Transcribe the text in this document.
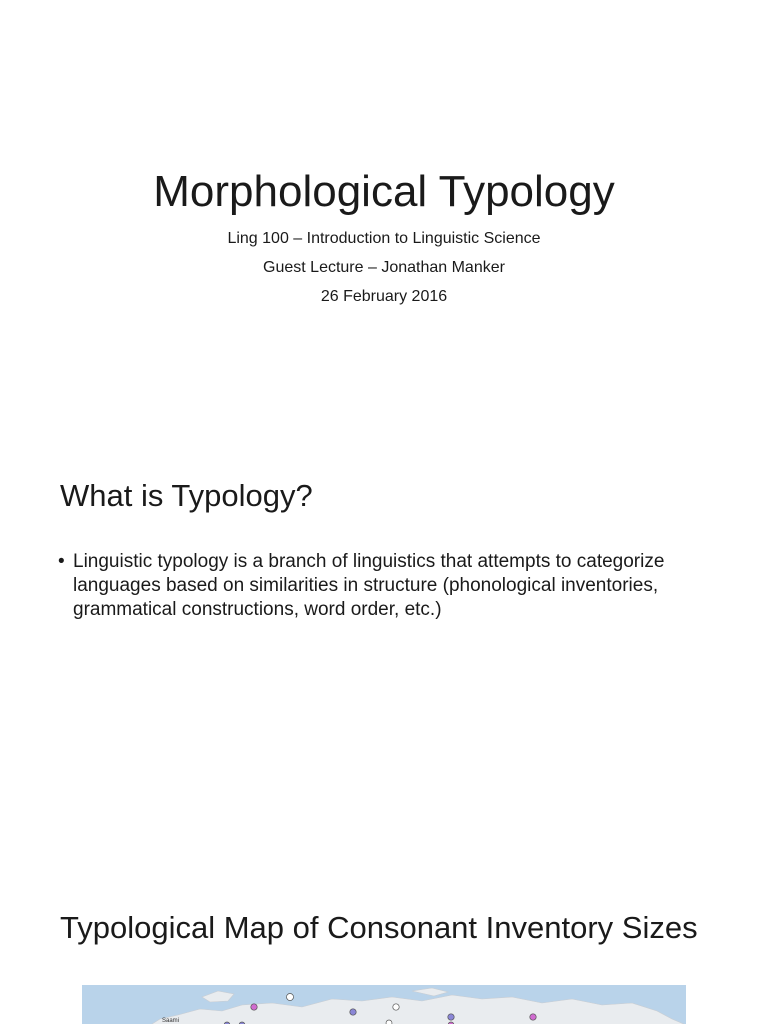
Morphological Typology
Ling 100 – Introduction to Linguistic Science
Guest Lecture – Jonathan Manker
26 February 2016
What is Typology?
• Linguistic typology is a branch of linguistics that attempts to categorize languages based on similarities in structure (phonological inventories, grammatical constructions, word order, etc.)
Typological Map of Consonant Inventory Sizes
Saami
